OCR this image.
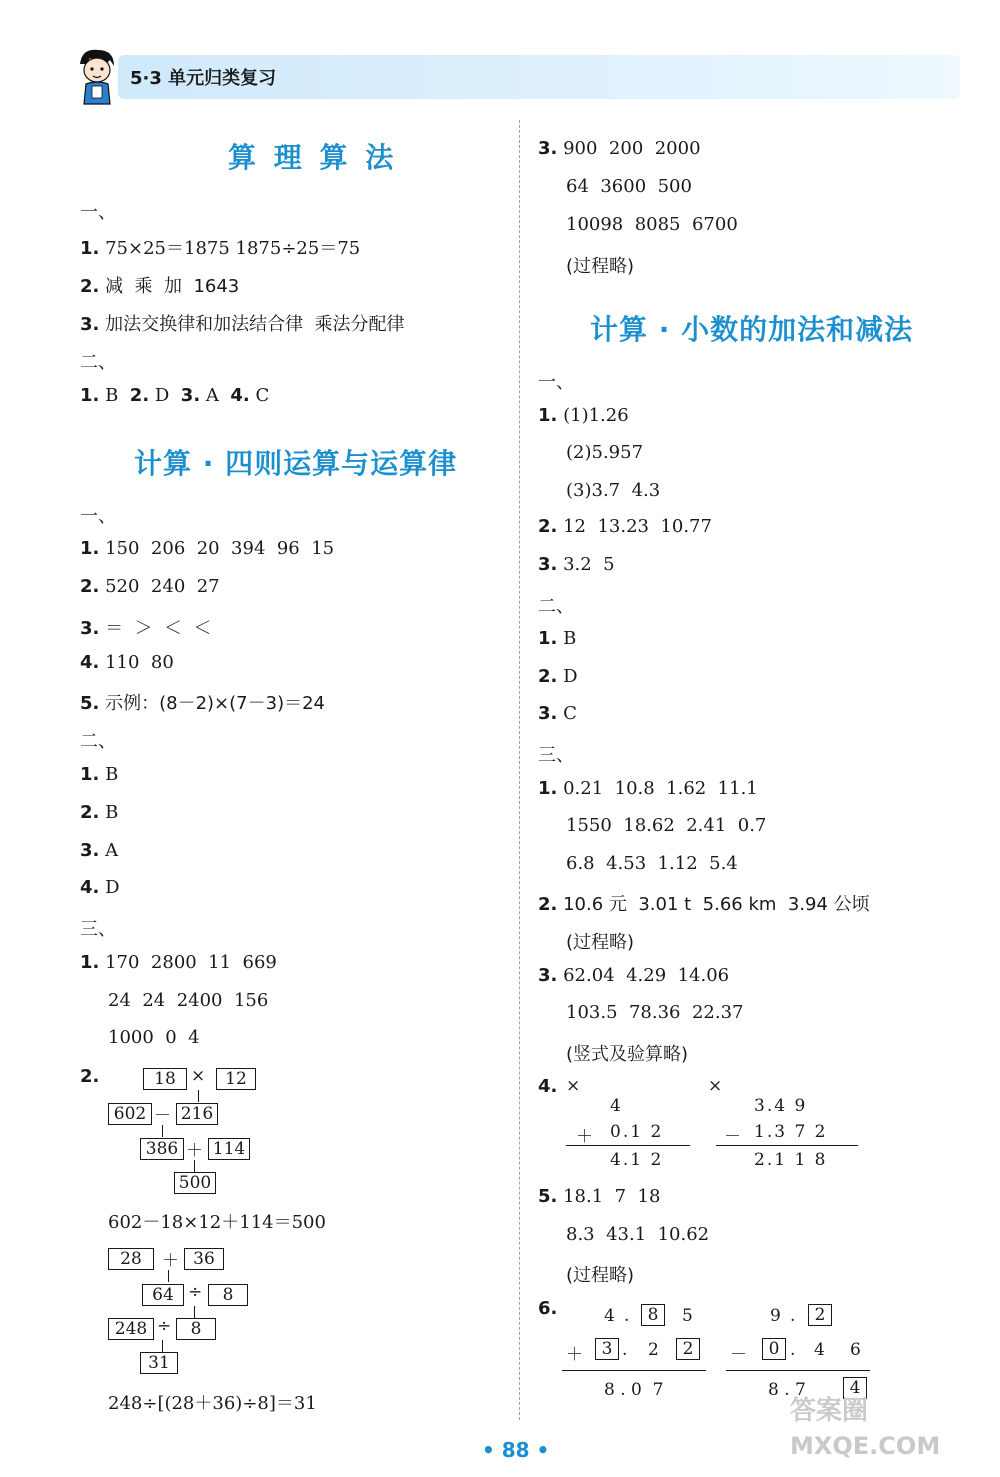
5·3 单元归类复习
算 理 算 法
一、
1. 75×25＝1875 1875÷25＝75
2. 减  乘  加  1643
3. 加法交换律和加法结合律  乘法分配律
二、
1. B 2. D 3. A 4. C
计算 · 四则运算与运算律
一、
1. 150  206  20  394  96  15
2. 520  240  27
3. ＝  ＞  ＜  ＜
4. 110  80
5. 示例：(8－2)×(7－3)＝24
二、
1. B
2. B
3. A
4. D
三、
1. 170  2800  11  669
24  24  2400  156
1000  0  4
2.	18 ×	12
602 － 216
386 ＋ 114
500
602－18×12＋114＝500
28	＋ 36
64 ÷	8
248 ÷	8
31
248÷[(28＋36)÷8]＝31
3. 900  200  2000
64  3600  500
10098  8085  6700
(过程略)
计算 · 小数的加法和减法
一、
1. (1)1.26
(2)5.957
(3)3.7  4.3
2. 12  13.23  10.77
3. 3.2  5
二、
1. B
2. D
3. C
三、
1. 0.21  10.8  1.62  11.1
1550  18.62  2.41  0.7
6.8  4.53  1.12  5.4
2. 10.6 元  3.01 t  5.66 km  3.94 公顷
(过程略)
3. 62.04  4.29  14.06
103.5  78.36  22.37
(竖式及验算略)
4. ×	×
4
＋ 0.1 2
4.1 2
3.4 9
－ 1.3 7 2
2.1 1 8
5. 18.1  7  18
8.3  43.1  10.62
(过程略)
6.	4 .	8	5
＋	3 . 2	2
8 . 0  7
9 .	2
－	0 . 4 6
8 . 7	4
• 88 •
答案圈
MXQE.COM
